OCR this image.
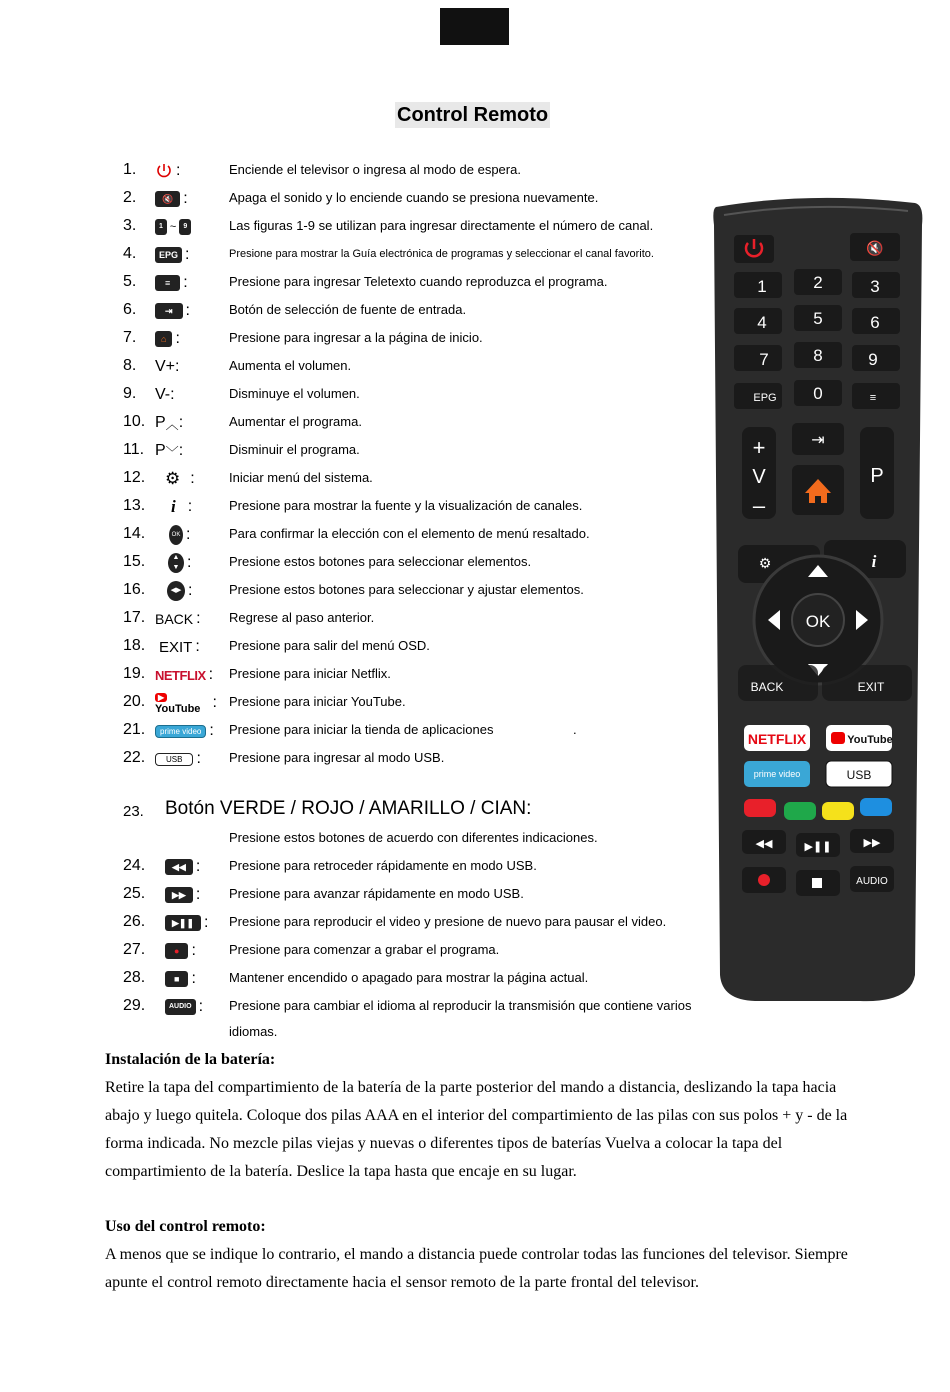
Control Remoto
1. :	Enciende el televisor o ingresa al modo de espera.
2.	🔇 :	Apaga el sonido y lo enciende cuando se presiona nuevamente.
3.	1 ~	9	Las figuras 1-9 se utilizan para ingresar directamente el número de canal.
4.	EPG :	Presione para mostrar la Guía electrónica de programas y seleccionar el canal favorito.
5.	≡ :	Presione para ingresar Teletexto cuando reproduzca el programa.
6.	⇥ :	Botón de selección de fuente de entrada.
7.	⌂ :	Presione para ingresar a la página de inicio.
8. V+ :	Aumenta el volumen.
9. V- :	Disminuye el volumen.
10. P ︿ :	Aumentar el programa.
11. P ﹀ :	Disminuir el programa.
12. ⚙ :	Iniciar menú del sistema.
13. i :	Presione para mostrar la fuente y la visualización de canales.
14.	OK :	Para confirmar la elección con el elemento de menú resaltado.
15.	▲
▼ :	Presione estos botones para seleccionar elementos.
16.	◀▶ :	Presione estos botones para seleccionar y ajustar elementos.
17. BACK : Regrese al paso anterior.
18. EXIT : Presione para salir del menú OSD.
19. NETFLIX : Presione para iniciar Netflix.
20.	▶YouTube : Presione para iniciar YouTube.
21.	prime video : Presione para iniciar la tienda de aplicaciones	.
22.	USB : Presione para ingresar al modo USB.
23. Botón VERDE / ROJO / AMARILLO / CIAN:
Presione estos botones de acuerdo con diferentes indicaciones.
24.	◀◀ : Presione para retroceder rápidamente en modo USB.
25.	▶▶ : Presione para avanzar rápidamente en modo USB.
26.	▶❚❚ : Presione para reproducir el video y presione de nuevo para pausar el video.
27.	● :	Presione para comenzar a grabar el programa.
28.	■ :	Mantener encendido o apagado para mostrar la página actual.
29.	AUDIO : Presione para cambiar el idioma al reproducir la transmisión que contiene varios
idiomas.
Instalación de la batería:

Retire la tapa del compartimiento de la batería de la parte posterior del mando a distancia, deslizando la tapa hacia abajo y luego quitela. Coloque dos pilas AAA en el interior del compartimiento de las pilas con sus polos + y - de la forma indicada. No mezcle pilas viejas y nuevas o diferentes tipos de baterías Vuelva a colocar la tapa del compartimiento de la batería. Deslice la tapa hasta que encaje en su lugar.

Uso del control remoto:

A menos que se indique lo contrario, el mando a distancia puede controlar todas las funciones del televisor. Siempre apunte el control remoto directamente hacia el sensor remoto de la parte frontal del televisor.

🔇
1	2	3
4	5	6
7	8	9
EPG 0	≡
+
V
–
⇥
P
⚙	i
OK
BACK	EXIT
NETFLIX	YouTube
prime video	USB
◀◀	▶❚❚	▶▶
AUDIO
